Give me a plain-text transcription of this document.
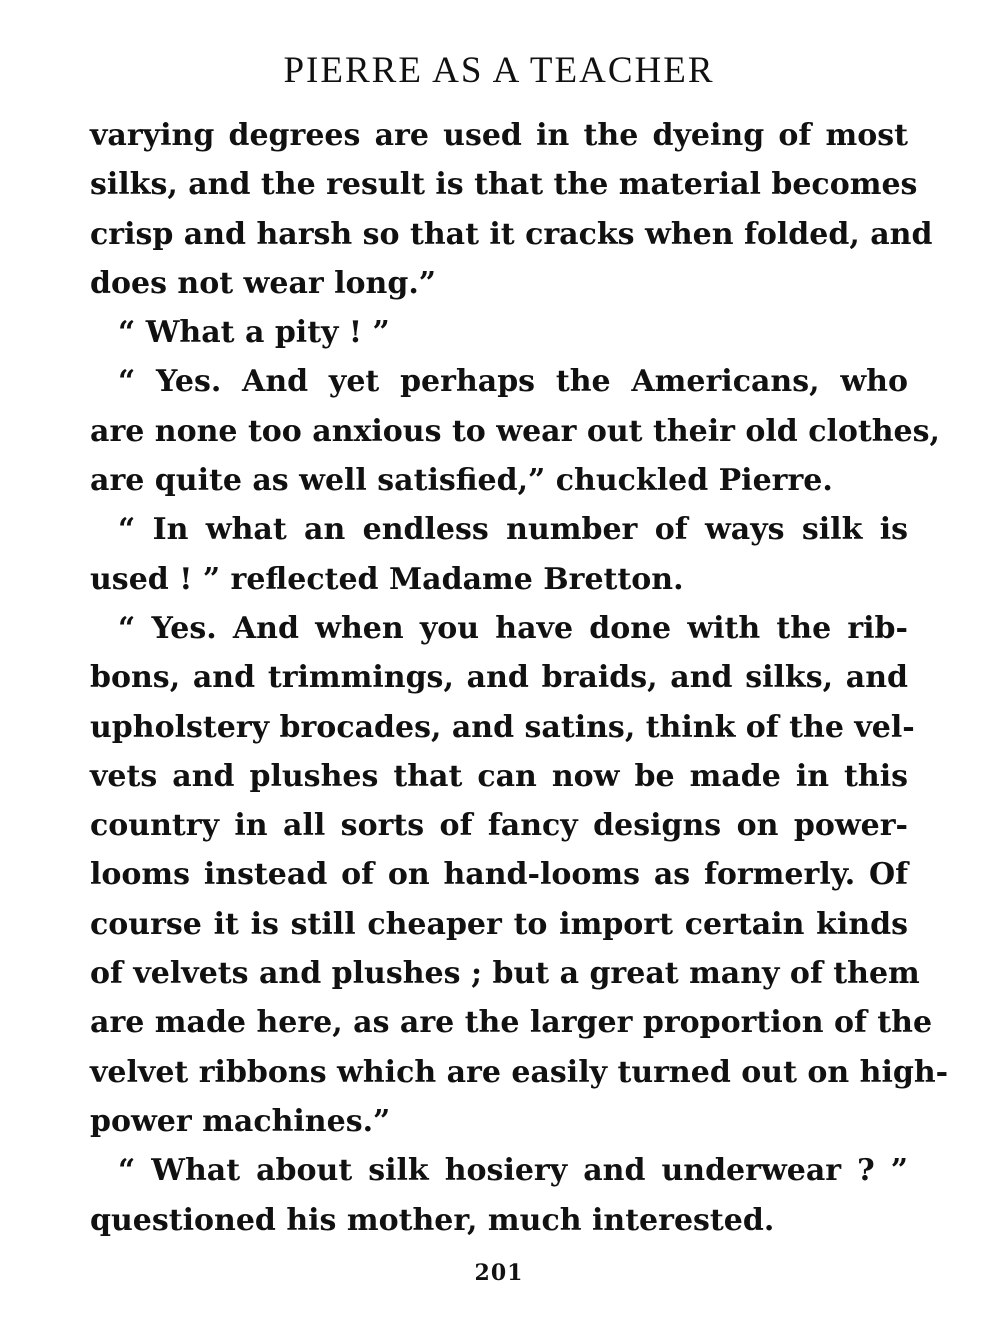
PIERRE AS A TEACHER
varying degrees are used in the dyeing of most
silks, and the result is that the material becomes
crisp and harsh so that it cracks when folded, and
does not wear long.”
“ What a pity ! ”
“ Yes. And yet perhaps the Americans, who
are none too anxious to wear out their old clothes,
are quite as well satisfied,” chuckled Pierre.
“ In what an endless number of ways silk is
used ! ” reflected Madame Bretton.
“ Yes. And when you have done with the rib-
bons, and trimmings, and braids, and silks, and
upholstery brocades, and satins, think of the vel-
vets and plushes that can now be made in this
country in all sorts of fancy designs on power-
looms instead of on hand-looms as formerly. Of
course it is still cheaper to import certain kinds
of velvets and plushes ; but a great many of them
are made here, as are the larger proportion of the
velvet ribbons which are easily turned out on high-
power machines.”
“ What about silk hosiery and underwear ? ”
questioned his mother, much interested.
201
